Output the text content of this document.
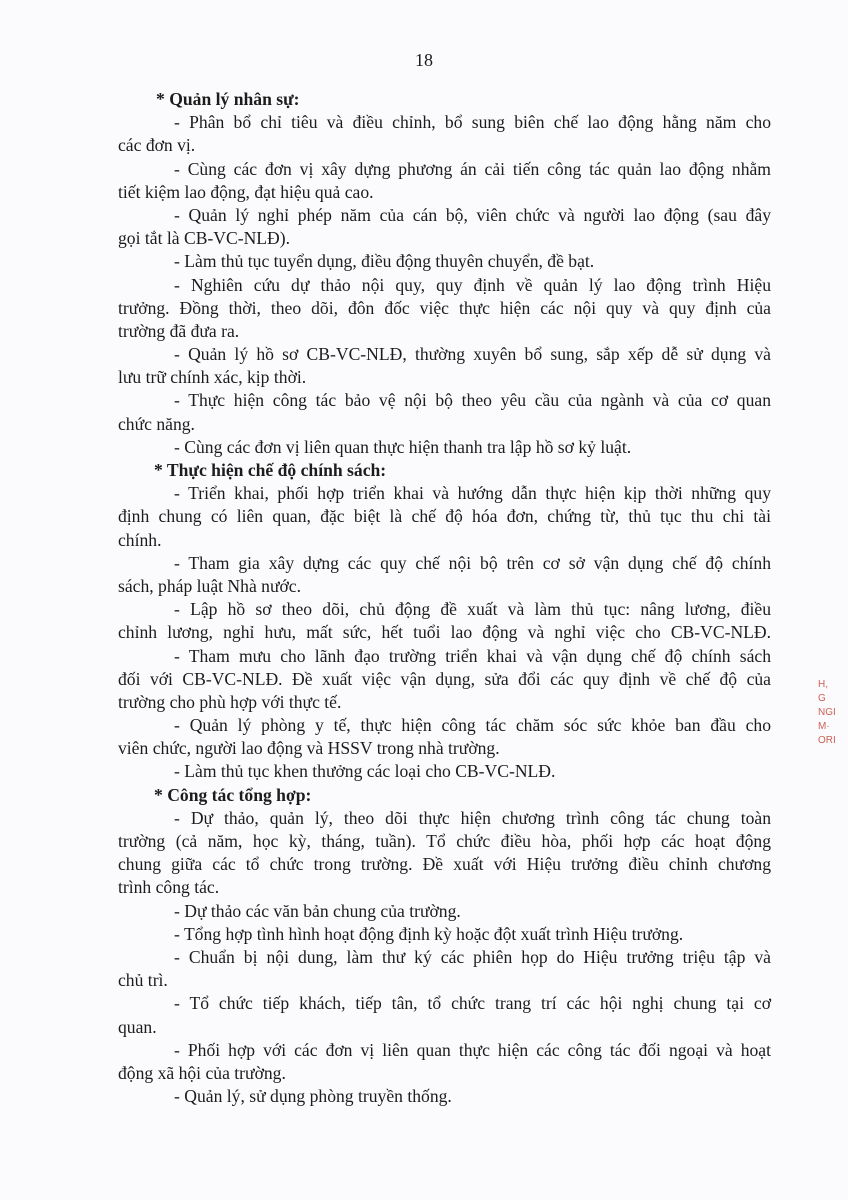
18
* Quản lý nhân sự:
- Phân bổ chỉ tiêu và điều chỉnh, bổ sung biên chế lao động hằng năm cho
các đơn vị.
- Cùng các đơn vị xây dựng phương án cải tiến công tác quản lao động nhằm
tiết kiệm lao động, đạt hiệu quả cao.
- Quản lý nghỉ phép năm của cán bộ, viên chức và người lao động (sau đây
gọi tắt là CB-VC-NLĐ).
- Làm thủ tục tuyển dụng, điều động thuyên chuyển, đề bạt.
- Nghiên cứu dự thảo nội quy, quy định về quản lý lao động trình Hiệu
trưởng. Đồng thời, theo dõi, đôn đốc việc thực hiện các nội quy và quy định của
trường đã đưa ra.
- Quản lý hồ sơ CB-VC-NLĐ, thường xuyên bổ sung, sắp xếp dễ sử dụng và
lưu trữ chính xác, kịp thời.
- Thực hiện công tác bảo vệ nội bộ theo yêu cầu của ngành và của cơ quan
chức năng.
- Cùng các đơn vị liên quan thực hiện thanh tra lập hồ sơ kỷ luật.
* Thực hiện chế độ chính sách:
- Triển khai, phối hợp triển khai và hướng dẫn thực hiện kịp thời những quy
định chung có liên quan, đặc biệt là chế độ hóa đơn, chứng từ, thủ tục thu chi tài
chính.
- Tham gia xây dựng các quy chế nội bộ trên cơ sở vận dụng chế độ chính
sách, pháp luật Nhà nước.
- Lập hồ sơ theo dõi, chủ động đề xuất và làm thủ tục: nâng lương, điều
chỉnh lương, nghỉ hưu, mất sức, hết tuổi lao động và nghỉ việc cho CB-VC-NLĐ.
- Tham mưu cho lãnh đạo trường triển khai và vận dụng chế độ chính sách
đối với CB-VC-NLĐ. Đề xuất việc vận dụng, sửa đổi các quy định về chế độ của
trường cho phù hợp với thực tế.
- Quản lý phòng y tế, thực hiện công tác chăm sóc sức khỏe ban đầu cho
viên chức, người lao động và HSSV trong nhà trường.
- Làm thủ tục khen thưởng các loại cho CB-VC-NLĐ.
* Công tác tổng hợp:
- Dự thảo, quản lý, theo dõi thực hiện chương trình công tác chung toàn
trường (cả năm, học kỳ, tháng, tuần). Tổ chức điều hòa, phối hợp các hoạt động
chung giữa các tổ chức trong trường. Đề xuất với Hiệu trưởng điều chỉnh chương
trình công tác.
- Dự thảo các văn bản chung của trường.
- Tổng hợp tình hình hoạt động định kỳ hoặc đột xuất trình Hiệu trưởng.
- Chuẩn bị nội dung, làm thư ký các phiên họp do Hiệu trưởng triệu tập và
chủ trì.
- Tổ chức tiếp khách, tiếp tân, tổ chức trang trí các hội nghị chung tại cơ
quan.
- Phối hợp với các đơn vị liên quan thực hiện các công tác đối ngoại và hoạt
động xã hội của trường.
- Quản lý, sử dụng phòng truyền thống.
H,
G
NGI
M·
ORI
